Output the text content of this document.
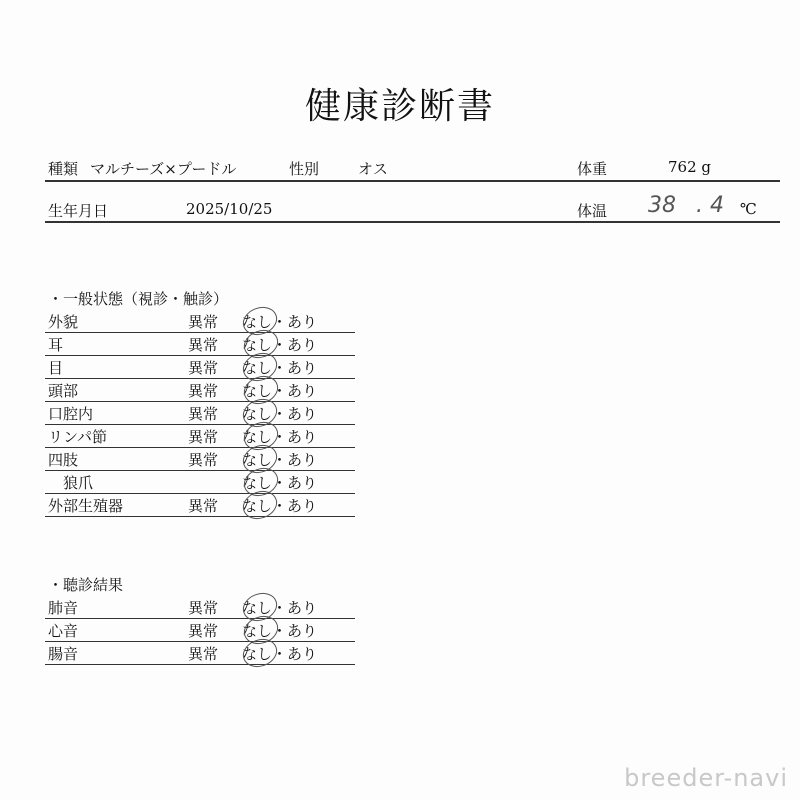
健康診断書
種類 マルチーズ×プードル	性別	オス	体重	762 g
生年月日	2025/10/25	体温 38 . 4 ℃
・一般状態（視診・触診）
外貌	異常 なし・あり
耳	異常 なし・あり
目	異常 なし・あり
頭部	異常 なし・あり
口腔内	異常 なし・あり
リンパ節	異常 なし・あり
四肢	異常 なし・あり
　狼爪	なし・あり
外部生殖器	異常 なし・あり
・聴診結果
肺音	異常 なし・あり
心音	異常 なし・あり
腸音	異常 なし・あり
breeder-navi
